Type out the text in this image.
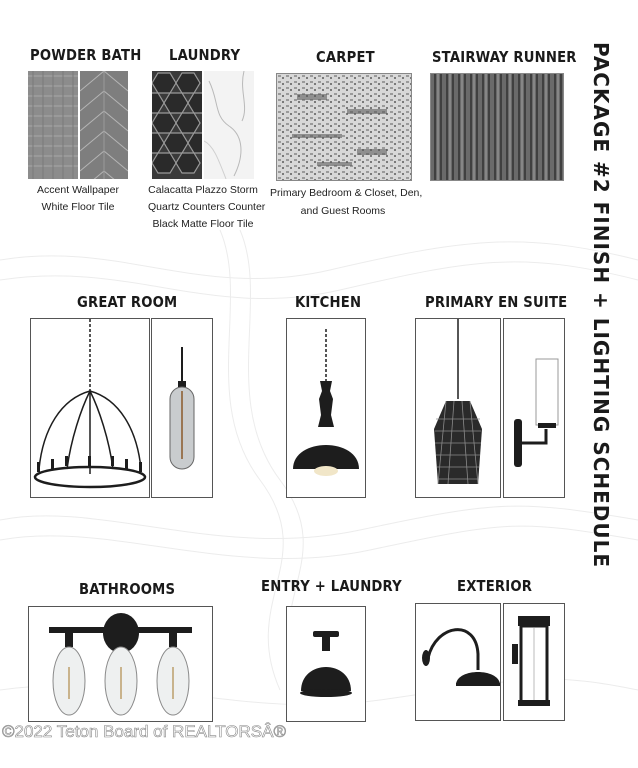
POWDER BATH LAUNDRY	CARPET	STAIRWAY RUNNER
Accent Wallpaper
White Floor Tile
Calacatta Plazzo Storm
Quartz Counters Counter
Black Matte Floor Tile
Primary Bedroom & Closet, Den,
and Guest Rooms
GREAT ROOM	KITCHEN	PRIMARY EN SUITE
BATHROOMS	ENTRY + LAUNDRY	EXTERIOR
PACKAGE #2 FINISH + LIGHTING SCHEDULE
©2022 Teton Board of REALTORSÂ®
